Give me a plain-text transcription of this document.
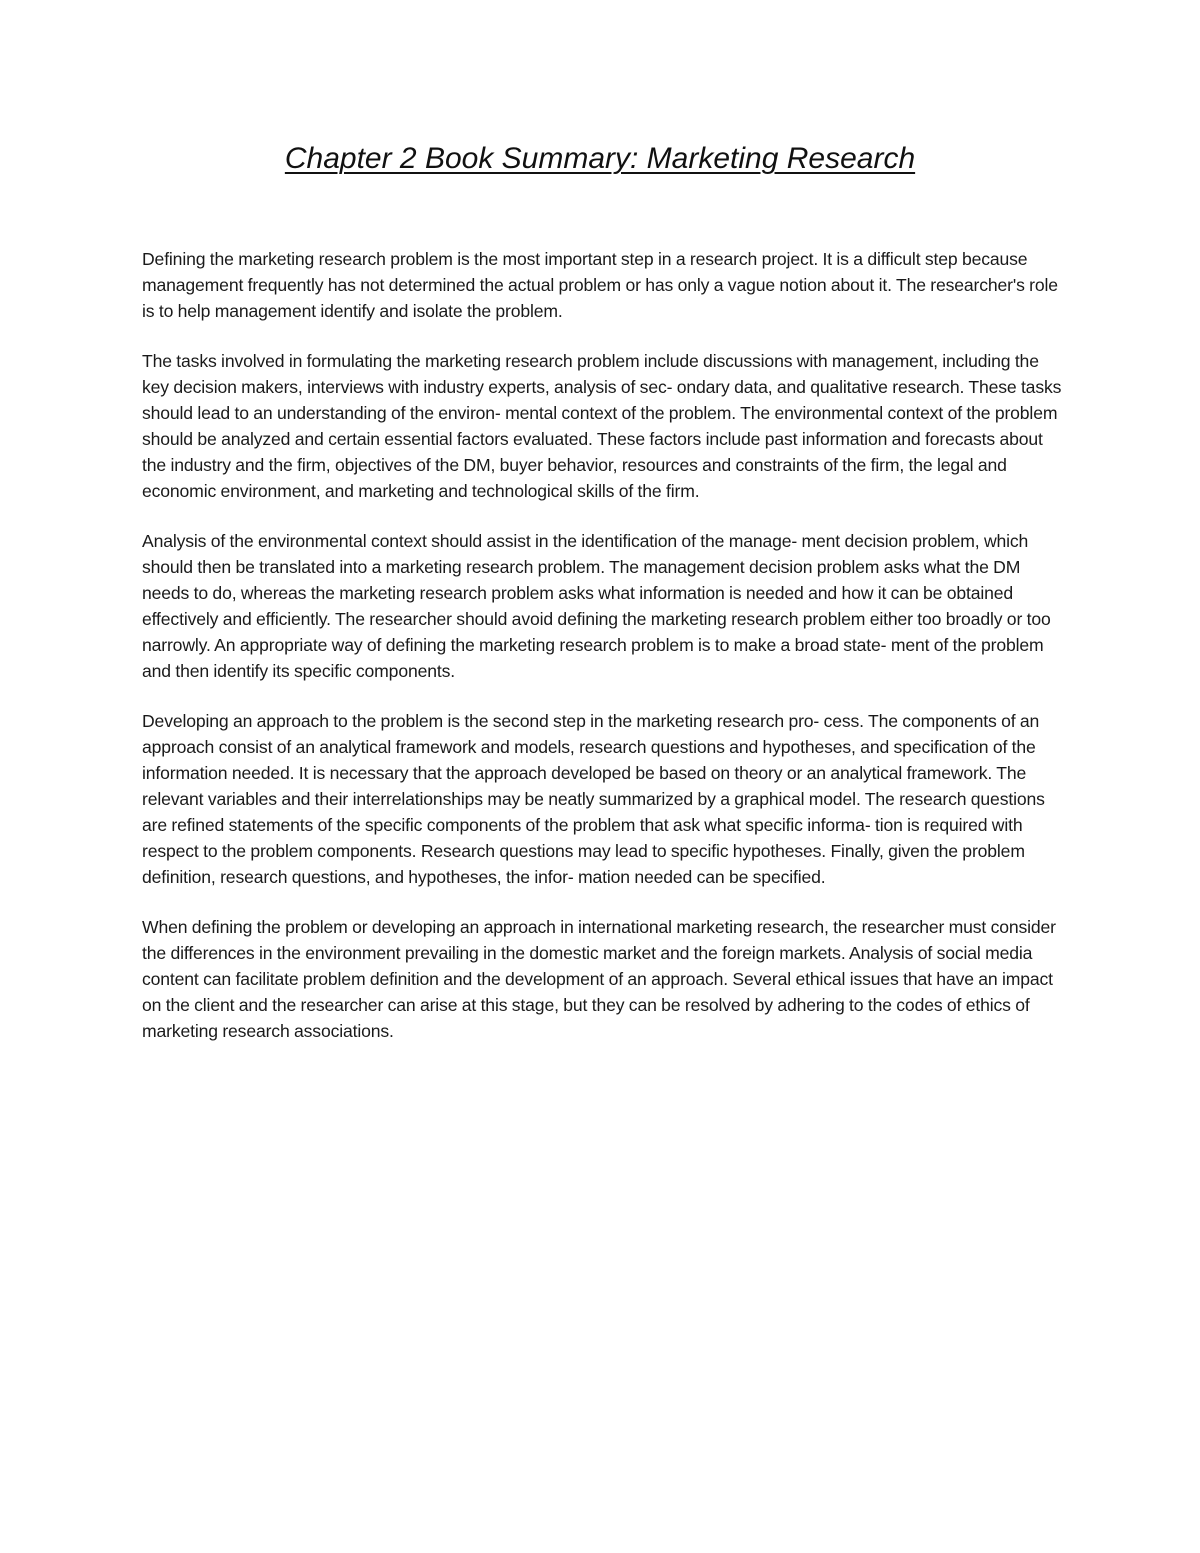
Chapter 2 Book Summary: Marketing Research

Defining the marketing research problem is the most important step in a research project. It is a difficult step because management frequently has not determined the actual problem or has only a vague notion about it. The researcher's role is to help management identify and isolate the problem.

The tasks involved in formulating the marketing research problem include discussions with management, including the key decision makers, interviews with industry experts, analysis of sec- ondary data, and qualitative research. These tasks should lead to an understanding of the environ- mental context of the problem. The environmental context of the problem should be analyzed and certain essential factors evaluated. These factors include past information and forecasts about the industry and the firm, objectives of the DM, buyer behavior, resources and constraints of the firm, the legal and economic environment, and marketing and technological skills of the firm.

Analysis of the environmental context should assist in the identification of the manage- ment decision problem, which should then be translated into a marketing research problem. The management decision problem asks what the DM needs to do, whereas the marketing research problem asks what information is needed and how it can be obtained effectively and efficiently. The researcher should avoid defining the marketing research problem either too broadly or too narrowly. An appropriate way of defining the marketing research problem is to make a broad state- ment of the problem and then identify its specific components.

Developing an approach to the problem is the second step in the marketing research pro- cess. The components of an approach consist of an analytical framework and models, research questions and hypotheses, and specification of the information needed. It is necessary that the approach developed be based on theory or an analytical framework. The relevant variables and their interrelationships may be neatly summarized by a graphical model. The research questions are refined statements of the specific components of the problem that ask what specific informa- tion is required with respect to the problem components. Research questions may lead to specific hypotheses. Finally, given the problem definition, research questions, and hypotheses, the infor- mation needed can be specified.

When defining the problem or developing an approach in international marketing research, the researcher must consider the differences in the environment prevailing in the domestic market and the foreign markets. Analysis of social media content can facilitate problem definition and the development of an approach. Several ethical issues that have an impact on the client and the researcher can arise at this stage, but they can be resolved by adhering to the codes of ethics of marketing research associations.
